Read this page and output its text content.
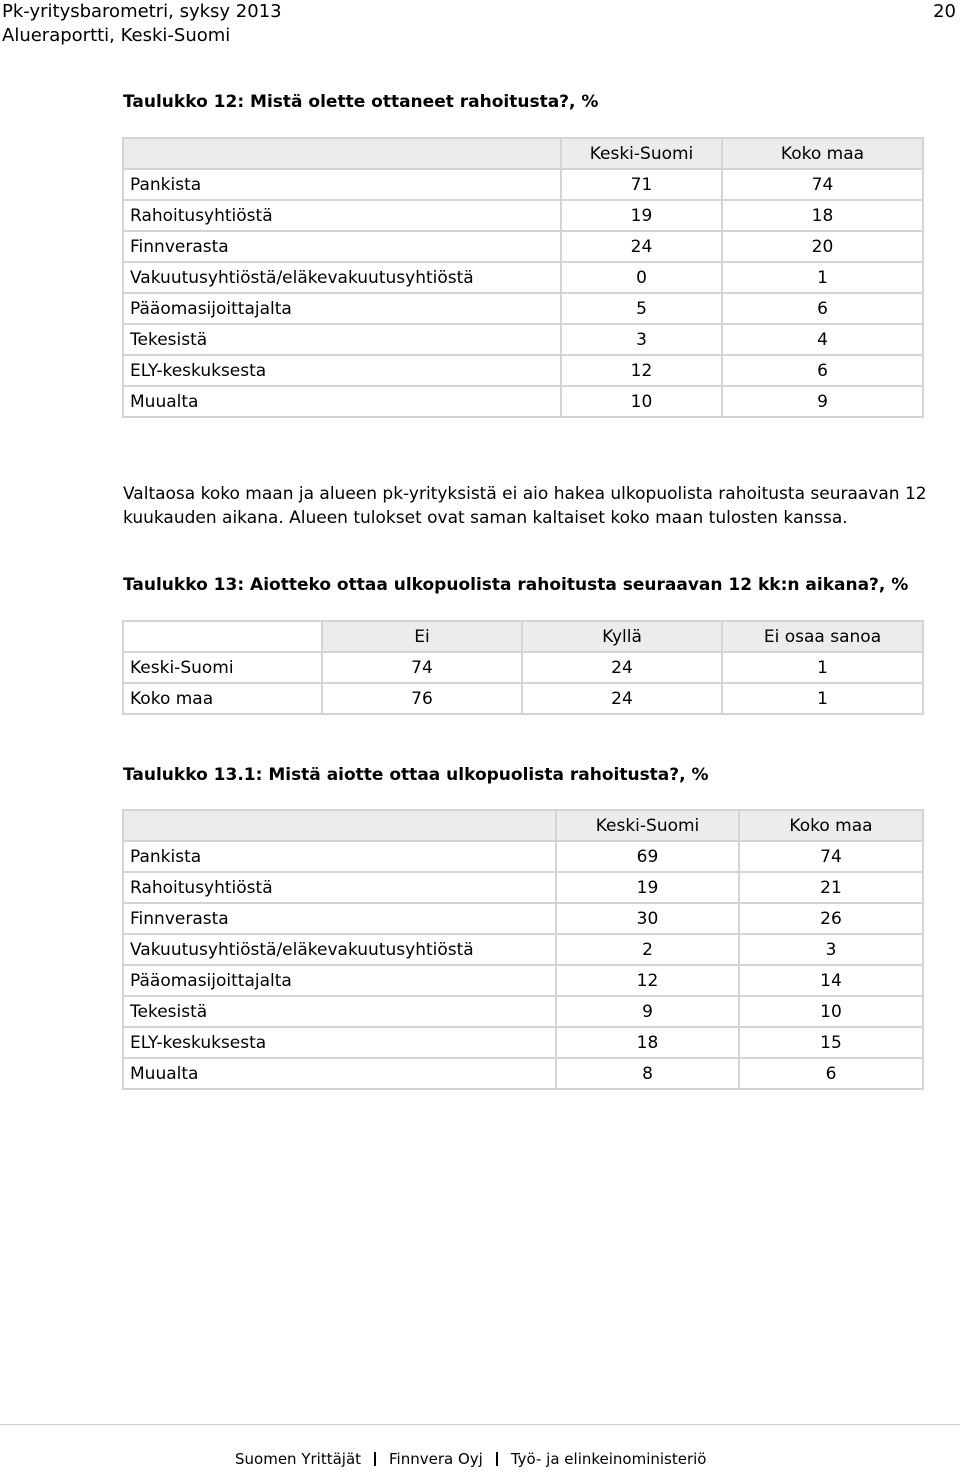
Pk-yritysbarometri, syksy 2013
Alueraportti, Keski-Suomi
20
Taulukko 12: Mistä olette ottaneet rahoitusta?, %
	Keski-Suomi	Koko maa
Pankista	71	74
Rahoitusyhtiöstä	19	18
Finnverasta	24	20
Vakuutusyhtiöstä/eläkevakuutusyhtiöstä	0	1
Pääomasijoittajalta	5	6
Tekesistä	3	4
ELY-keskuksesta	12	6
Muualta	10	9
Valtaosa koko maan ja alueen pk-yrityksistä ei aio hakea ulkopuolista rahoitusta seuraavan 12 kuukauden aikana. Alueen tulokset ovat saman kaltaiset koko maan tulosten kanssa.
Taulukko 13: Aiotteko ottaa ulkopuolista rahoitusta seuraavan 12 kk:n aikana?, %
	Ei	Kyllä	Ei osaa sanoa
Keski-Suomi	74	24	1
Koko maa	76	24	1
Taulukko 13.1: Mistä aiotte ottaa ulkopuolista rahoitusta?, %
	Keski-Suomi	Koko maa
Pankista	69	74
Rahoitusyhtiöstä	19	21
Finnverasta	30	26
Vakuutusyhtiöstä/eläkevakuutusyhtiöstä	2	3
Pääomasijoittajalta	12	14
Tekesistä	9	10
ELY-keskuksesta	18	15
Muualta	8	6
Suomen Yrittäjät Finnvera Oyj Työ- ja elinkeinoministeriö
